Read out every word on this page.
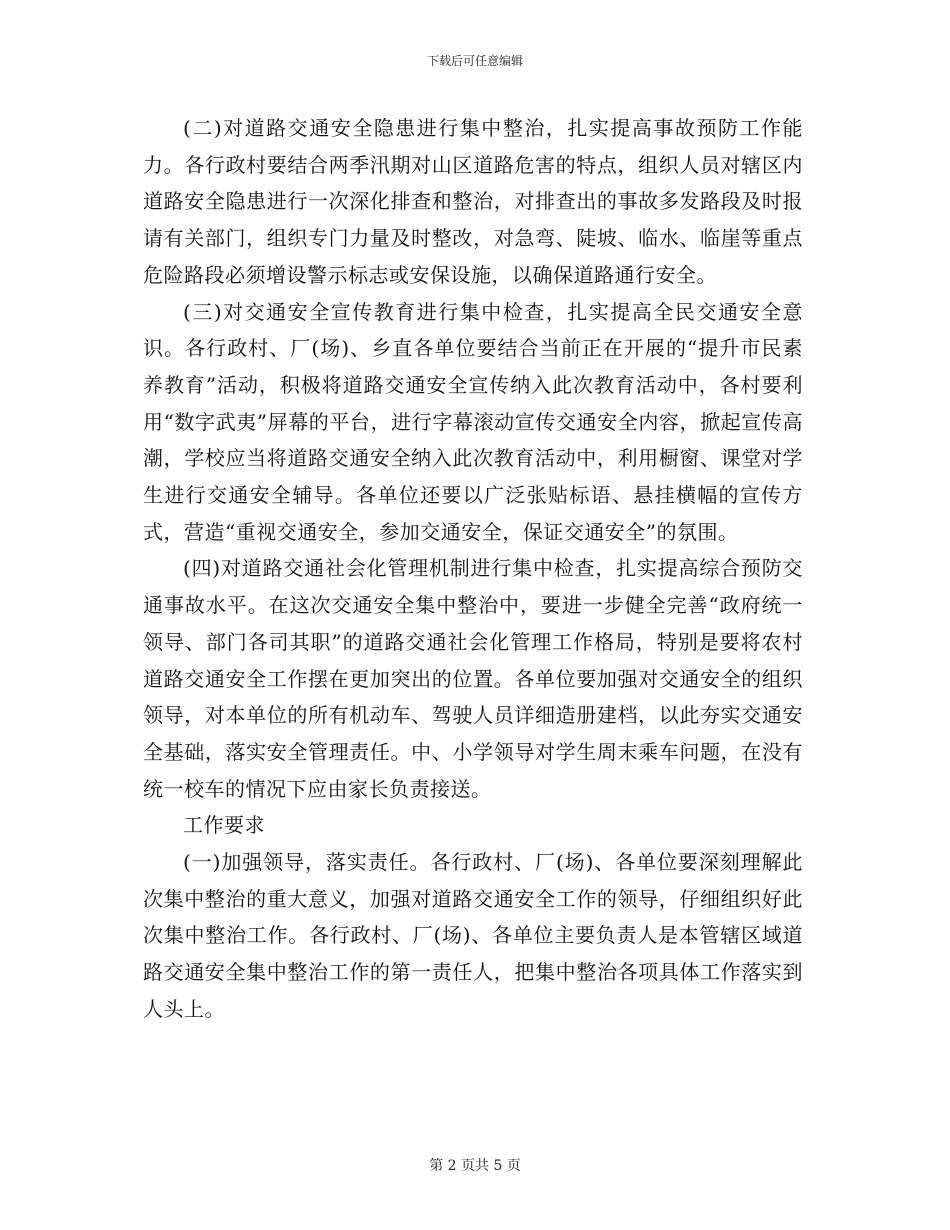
下载后可任意编辑

(二)对道路交通安全隐患进行集中整治，扎实提高事故预防工作能力。各行政村要结合两季汛期对山区道路危害的特点，组织人员对辖区内道路安全隐患进行一次深化排查和整治，对排查出的事故多发路段及时报请有关部门，组织专门力量及时整改，对急弯、陡坡、临水、临崖等重点危险路段必须增设警示标志或安保设施，以确保道路通行安全。

(三)对交通安全宣传教育进行集中检查，扎实提高全民交通安全意识。各行政村、厂(场)、乡直各单位要结合当前正在开展的“提升市民素养教育”活动，积极将道路交通安全宣传纳入此次教育活动中，各村要利用“数字武夷”屏幕的平台，进行字幕滚动宣传交通安全内容，掀起宣传高潮，学校应当将道路交通安全纳入此次教育活动中，利用橱窗、课堂对学生进行交通安全辅导。各单位还要以广泛张贴标语、悬挂横幅的宣传方式，营造“重视交通安全，参加交通安全，保证交通安全”的氛围。

(四)对道路交通社会化管理机制进行集中检查，扎实提高综合预防交通事故水平。在这次交通安全集中整治中，要进一步健全完善“政府统一领导、部门各司其职”的道路交通社会化管理工作格局，特别是要将农村道路交通安全工作摆在更加突出的位置。各单位要加强对交通安全的组织领导，对本单位的所有机动车、驾驶人员详细造册建档，以此夯实交通安全基础，落实安全管理责任。中、小学领导对学生周末乘车问题，在没有统一校车的情况下应由家长负责接送。

工作要求

(一)加强领导，落实责任。各行政村、厂(场)、各单位要深刻理解此次集中整治的重大意义，加强对道路交通安全工作的领导，仔细组织好此次集中整治工作。各行政村、厂(场)、各单位主要负责人是本管辖区域道路交通安全集中整治工作的第一责任人，把集中整治各项具体工作落实到人头上。

第 2 页共 5 页
